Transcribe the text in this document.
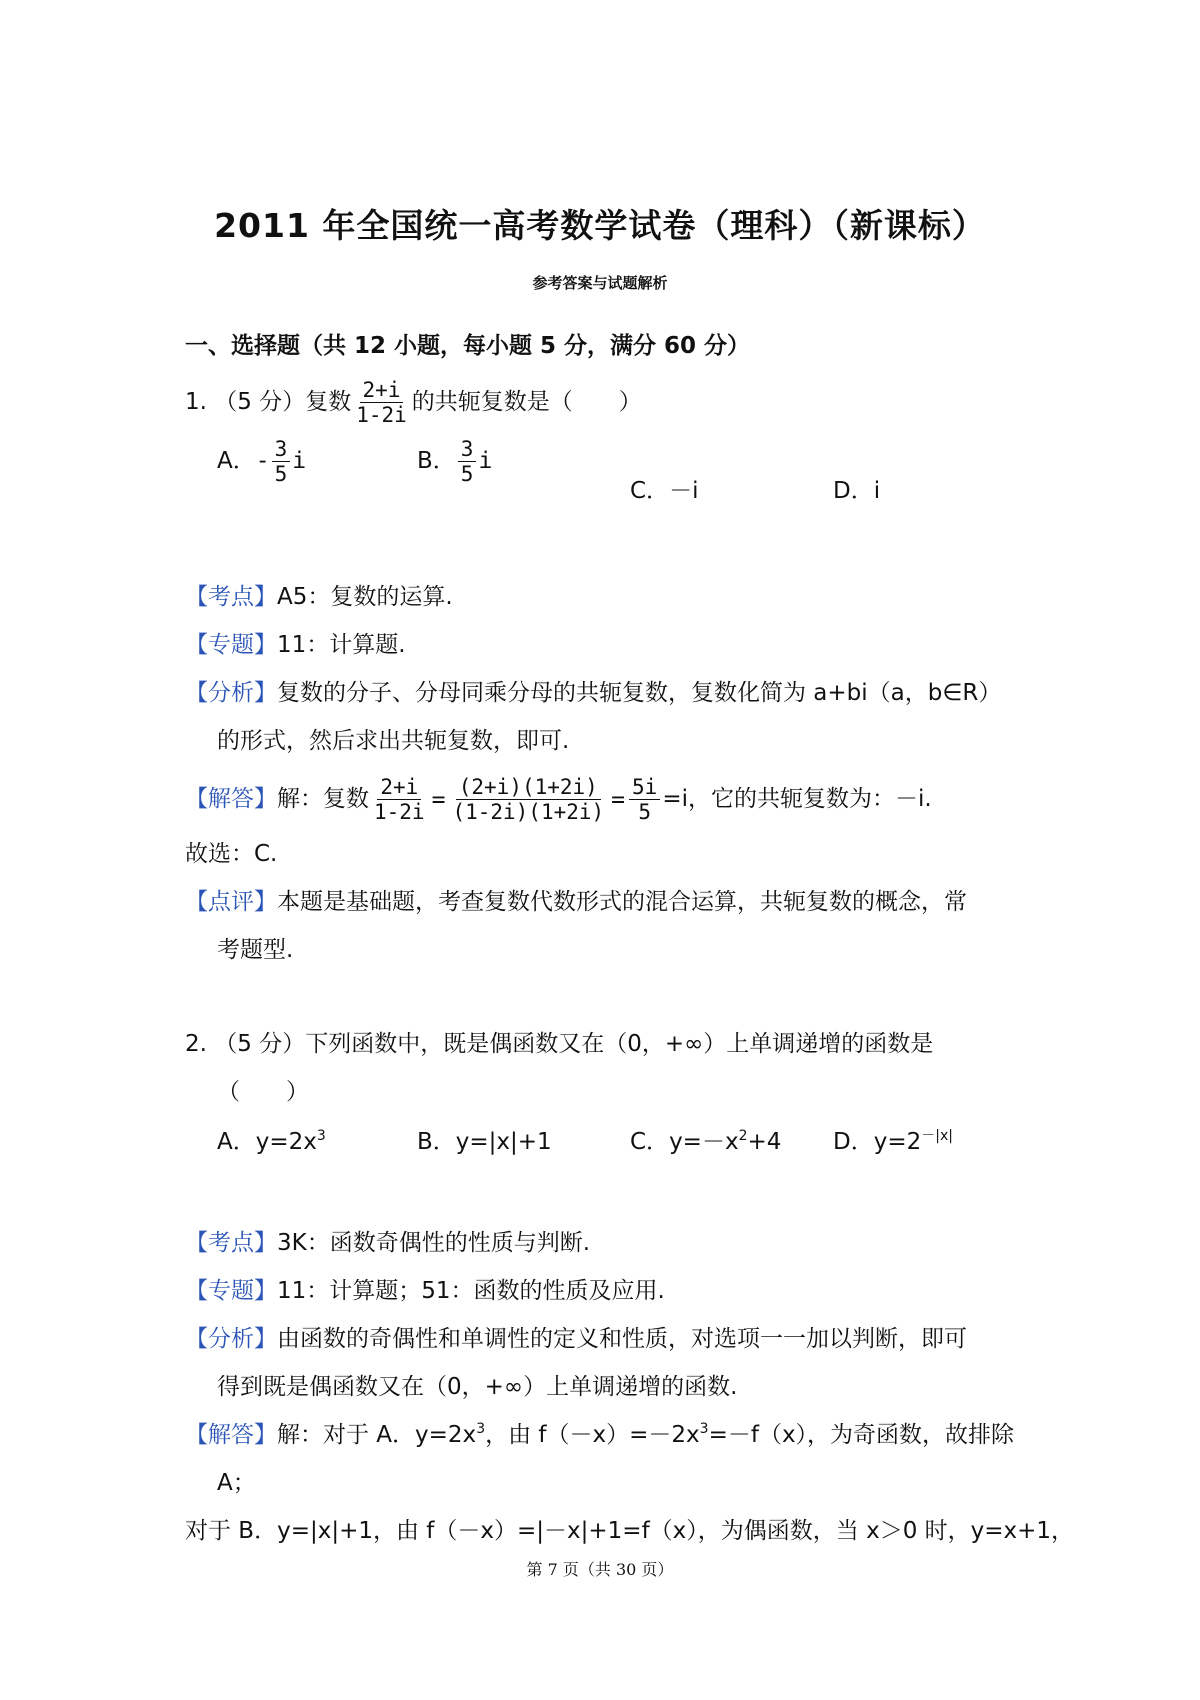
2011 年全国统一高考数学试卷（理科）（新课标）
参考答案与试题解析
一、选择题（共 12 小题，每小题 5 分，满分 60 分）
1. （5 分）复数 $\frac{2+i}{1-2i}$ 的共轭复数是（　　）
A．- $\frac{3}{5}$ i	B． $\frac{3}{5}$ i
C．－i	D．i
【考点】A5：复数的运算.
【专题】11：计算题.
【分析】复数的分子、分母同乘分母的共轭复数，复数化简为 a+bi（a，b∈R）
的形式，然后求出共轭复数，即可.
【解答】解：复数 $\frac{2+i}{1-2i} = \frac{(2+i)(1+2i)}{(1-2i)(1+2i)} = \frac{5i}{5} =i$，它的共轭复数为：－i.
故选：C.
【点评】本题是基础题，考查复数代数形式的混合运算，共轭复数的概念，常
考题型.
2. （5 分）下列函数中，既是偶函数又在（0，+∞）上单调递增的函数是
（　　）
A．$y=2x^3$	B．y=|x|+1	C．$y=-x^2+4$ D．$y=2^{-|x|}$
【考点】3K：函数奇偶性的性质与判断.
【专题】11：计算题；51：函数的性质及应用.
【分析】由函数的奇偶性和单调性的定义和性质，对选项一一加以判断，即可
得到既是偶函数又在（0，+∞）上单调递增的函数.
【解答】解：对于 A．$y=2x^3$，由 $f(-x)=-2x^3=-f(x)$，为奇函数，故排除
A；
对于 B．y=|x|+1，由 f（－x）=|－x|+1=f（x），为偶函数，当 x＞0 时，y=x+1，
第 7 页（共 30 页）
